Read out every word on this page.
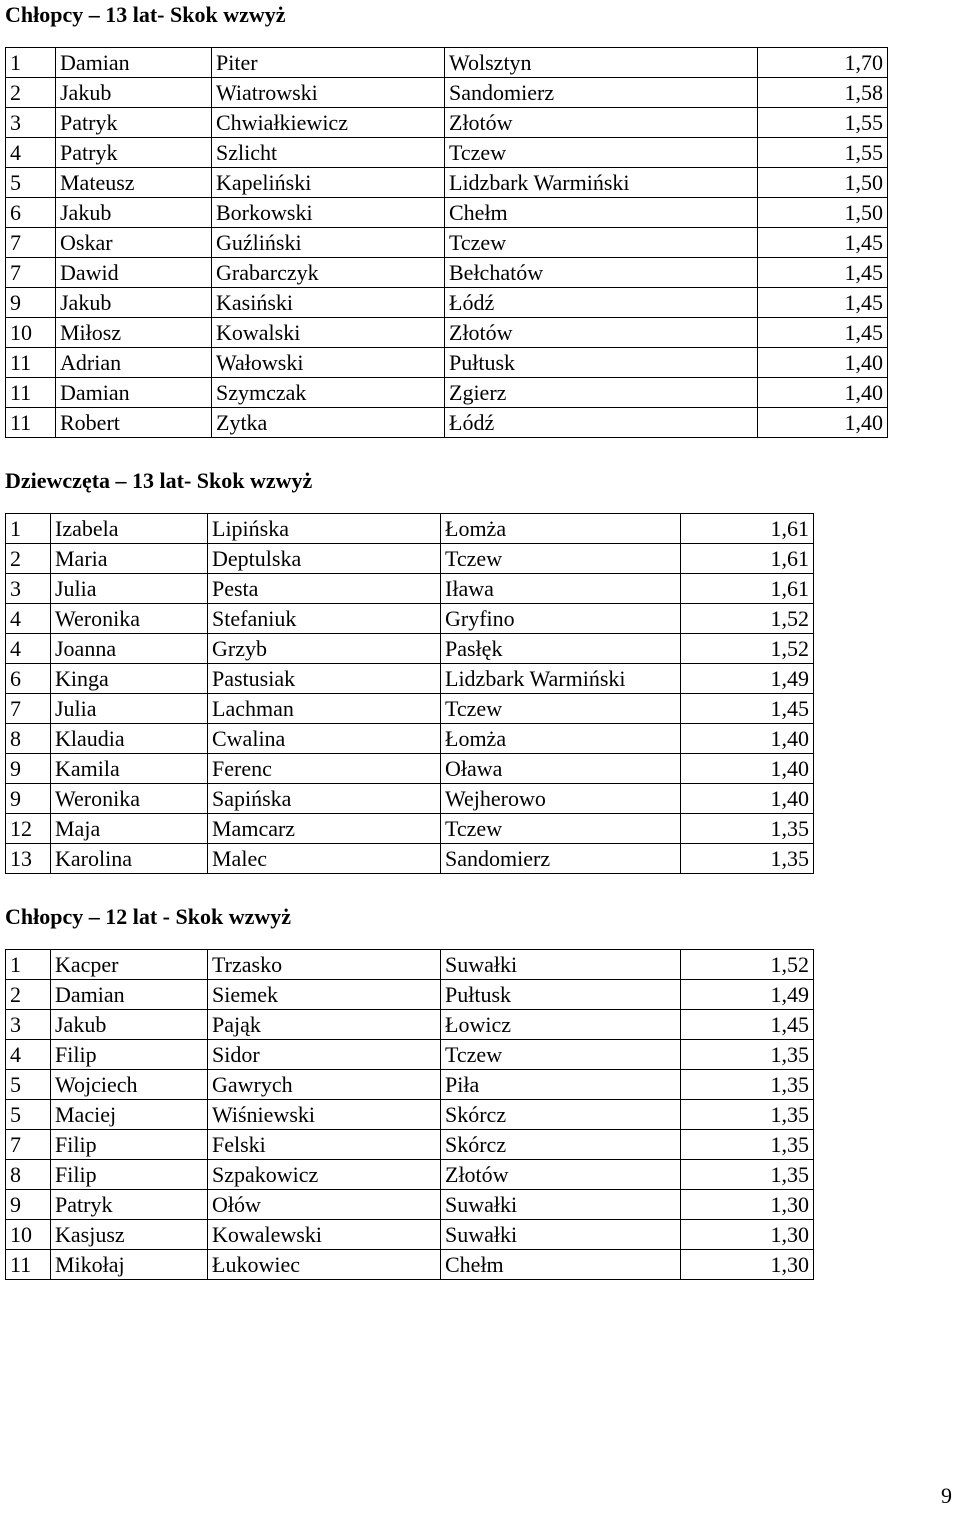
Chłopcy – 13 lat- Skok wzwyż
1	Damian	Piter	Wolsztyn	1,70
2	Jakub	Wiatrowski	Sandomierz	1,58
3	Patryk	Chwiałkiewicz	Złotów	1,55
4	Patryk	Szlicht	Tczew	1,55
5	Mateusz	Kapeliński	Lidzbark Warmiński	1,50
6	Jakub	Borkowski	Chełm	1,50
7	Oskar	Guźliński	Tczew	1,45
7	Dawid	Grabarczyk	Bełchatów	1,45
9	Jakub	Kasiński	Łódź	1,45
10	Miłosz	Kowalski	Złotów	1,45
11	Adrian	Wałowski	Pułtusk	1,40
11	Damian	Szymczak	Zgierz	1,40
11	Robert	Zytka	Łódź	1,40
Dziewczęta – 13 lat- Skok wzwyż
1	Izabela	Lipińska	Łomża	1,61
2	Maria	Deptulska	Tczew	1,61
3	Julia	Pesta	Iława	1,61
4	Weronika	Stefaniuk	Gryfino	1,52
4	Joanna	Grzyb	Pasłęk	1,52
6	Kinga	Pastusiak	Lidzbark Warmiński	1,49
7	Julia	Lachman	Tczew	1,45
8	Klaudia	Cwalina	Łomża	1,40
9	Kamila	Ferenc	Oława	1,40
9	Weronika	Sapińska	Wejherowo	1,40
12	Maja	Mamcarz	Tczew	1,35
13	Karolina	Malec	Sandomierz	1,35
Chłopcy – 12 lat - Skok wzwyż
1	Kacper	Trzasko	Suwałki	1,52
2	Damian	Siemek	Pułtusk	1,49
3	Jakub	Pająk	Łowicz	1,45
4	Filip	Sidor	Tczew	1,35
5	Wojciech	Gawrych	Piła	1,35
5	Maciej	Wiśniewski	Skórcz	1,35
7	Filip	Felski	Skórcz	1,35
8	Filip	Szpakowicz	Złotów	1,35
9	Patryk	Ołów	Suwałki	1,30
10	Kasjusz	Kowalewski	Suwałki	1,30
11	Mikołaj	Łukowiec	Chełm	1,30
9
